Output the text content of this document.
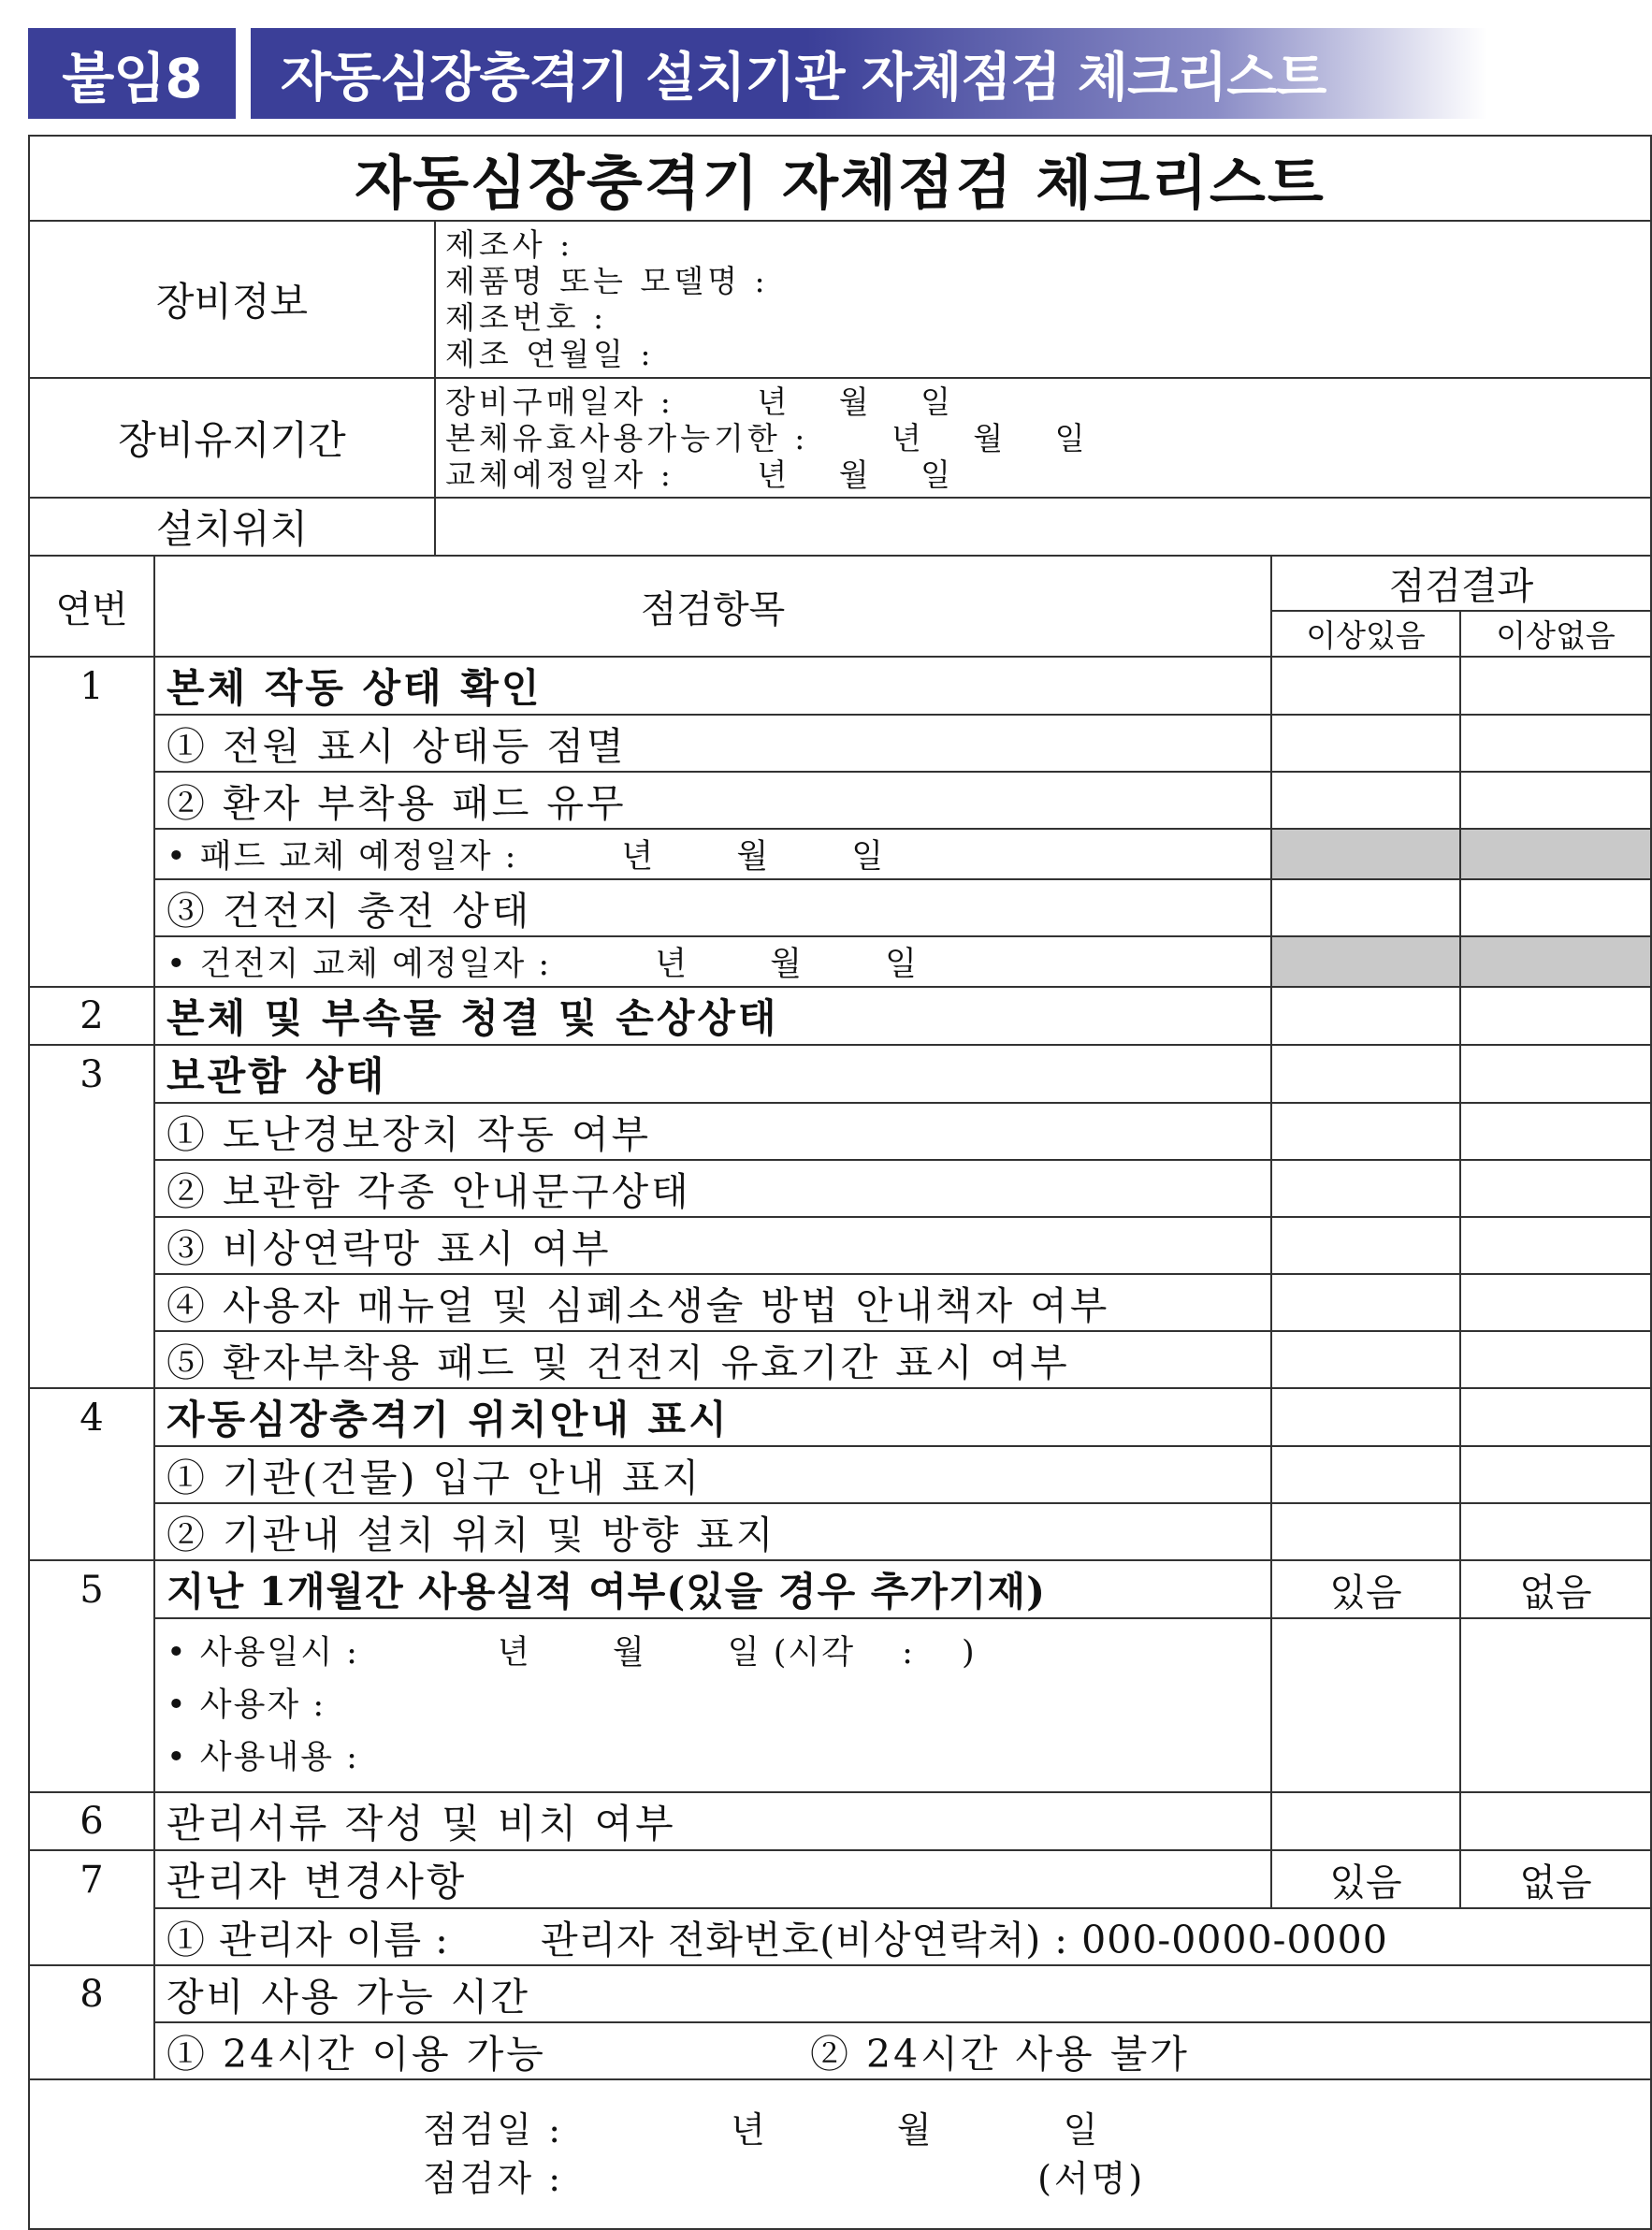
붙임8	자동심장충격기 설치기관 자체점검 체크리스트
자동심장충격기 자체점검 체크리스트				
장비정보		제조사 :
제품명 또는 모델명 :
제조번호 :
제조 연월일 :		

장비유지기간		장비구매일자 :　　 년　 월　 일
본체유효사용가능기한 :　　 년　 월　 일
교체예정일자 :　　 년　 월　 일		

설치위치				
연번	점검항목		점검결과	
			이상있음	이상없음
1	본체 작동 상태 확인			
	① 전원 표시 상태등 점멸			
	② 환자 부착용 패드 유무			
	• 패드 교체 예정일자 :　　　년　　 월　　 일			
	③ 건전지 충전 상태			
	• 건전지 교체 예정일자 :　　　년　　 월　　 일			
2	본체 및 부속물 청결 및 손상상태			
3	보관함 상태			
	① 도난경보장치 작동 여부			
	② 보관함 각종 안내문구상태			
	③ 비상연락망 표시 여부			
	④ 사용자 매뉴얼 및 심폐소생술 방법 안내책자 여부			
	⑤ 환자부착용 패드 및 건전지 유효기간 표시 여부			
4	자동심장충격기 위치안내 표시			
	① 기관(건물) 입구 안내 표지			
	② 기관내 설치 위치 및 방향 표지			
5	지난 1개월간 사용실적 여부(있을 경우 추가기재)		있음	없음

	• 사용일시 :　　　　년　　 월　　 일 (시각　 :　 )
• 사용자 :
• 사용내용 :			

6	관리서류 작성 및 비치 여부			
7	관리자 변경사항		있음	없음
	① 관리자 이름 :　　 관리자 전화번호(비상연락처) : 000-0000-0000			
8	장비 사용 가능 시간			
	① 24시간 이용 가능 ② 24시간 사용 불가			

점검일 :　　　　 년　　　 월　　　 일
점검자 :　　　　　　　　　　　　 (서명)				
